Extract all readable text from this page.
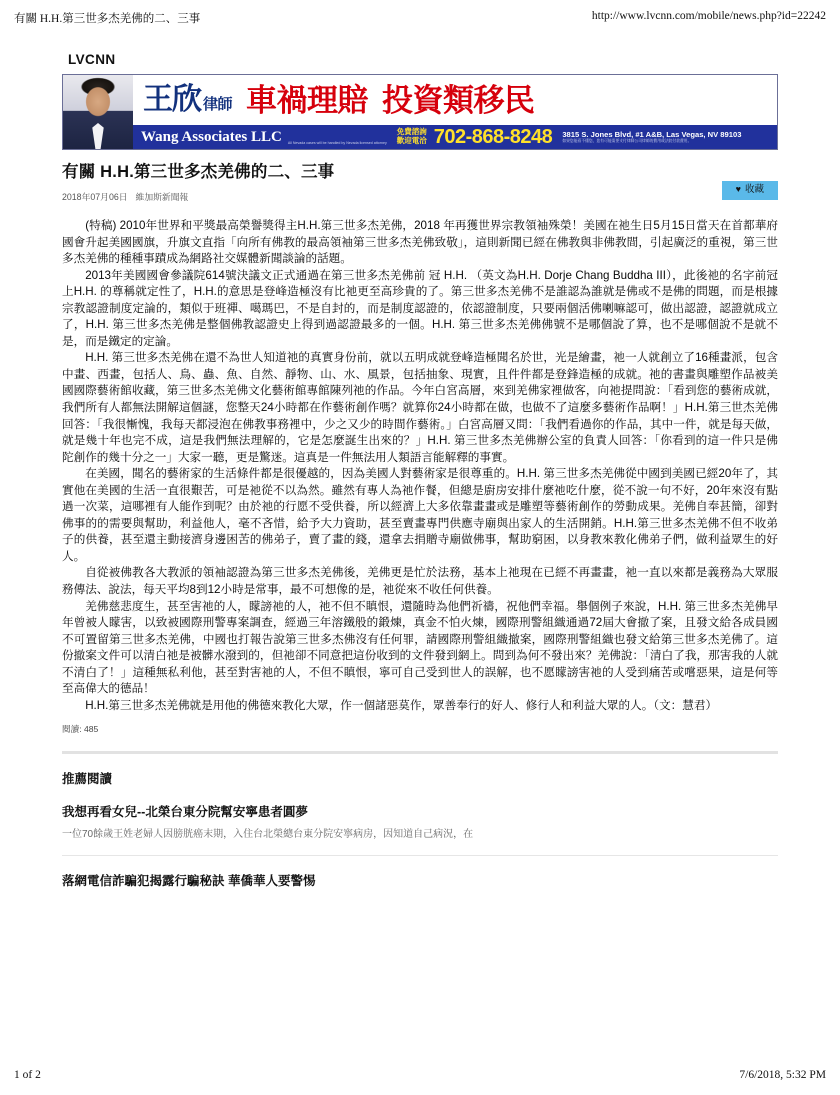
有關 H.H.第三世多杰羌佛的二、三事	http://www.lvcnn.com/mobile/news.php?id=22242
LVCNN
王欣 律師 車禍理賠 投資類移民
Wang Associates LLC All Nevada cases will be handled by Nevada licensed attorney
免費諮詢
歡迎電洽 702-868-8248 3815 S. Jones Blvd, #1 A&B, Las Vegas, NV 89103
如果您能看不懂您，您有可能需要支付律師公司律師的費用或法院付款費用。
有關 H.H.第三世多杰羌佛的二、三事
2018年07月06日 維加斯新聞報
♥ 收藏

(特稿) 2010年世界和平獎最高榮譽獎得主H.H.第三世多杰羌佛，2018 年再獲世界宗教領袖殊榮！美國在祂生日5月15日當天在首都華府國會升起美國國旗，升旗文直指「向所有佛教的最高領袖第三世多杰羌佛致敬」，這則新聞已經在佛教與非佛教間，引起廣泛的重視，第三世多杰羌佛的種種事蹟成為網路社交媒體新聞談論的話題。

2013年美國國會參議院614號決議文正式通過在第三世多杰羌佛前 冠 H.H. （英文為H.H. Dorje Chang Buddha III），此後祂的名字前冠上H.H. 的尊稱就定性了，H.H.的意思是登峰造極沒有比祂更至高珍貴的了。第三世多杰羌佛不是誰認為誰就是佛或不是佛的問題，而是根據宗教認證制度定論的，類似于班禪、噶瑪巴，不是自封的，而是制度認證的，依認證制度，只要兩個活佛喇嘛認可，做出認證，認證就成立了，H.H. 第三世多杰羌佛是整個佛教認證史上得到過認證最多的一個。H.H. 第三世多杰羌佛佛號不是哪個說了算，也不是哪個說不是就不是，而是鐵定的定論。

H.H. 第三世多杰羌佛在還不為世人知道祂的真實身份前，就以五明成就登峰造極聞名於世，光是繪畫，祂一人就創立了16種畫派，包含中畫、西畫，包括人、鳥、蟲、魚、自然、靜物、山、水、風景，包括抽象、現實，且件件都是登鋒造極的成就。祂的書畫與雕塑作品被美國國際藝術館收藏，第三世多杰羌佛文化藝術館專館陳列祂的作品。今年白宮高層，來到羌佛家裡做客，向祂提問說：「看到您的藝術成就，我們所有人都無法開解這個謎，您整天24小時都在作藝術創作嗎？就算你24小時都在做，也做不了這麼多藝術作品啊！」H.H.第三世杰羌佛回答：「我很慚愧，我每天都浸泡在佛教事務裡中，少之又少的時間作藝術。」白宮高層又問：「我們看過你的作品，其中一件，就是每天做，就是幾十年也完不成，這是我們無法理解的，它是怎麼誕生出來的？」H.H. 第三世多杰羌佛辦公室的負責人回答：「你看到的這一件只是佛陀創作的幾十分之一」大家一聽，更是驚迷。這真是一件無法用人類語言能解釋的事實。

在美國，聞名的藝術家的生活條件都是很優越的，因為美國人對藝術家是很尊重的。H.H. 第三世多杰羌佛從中國到美國已經20年了，其實他在美國的生活一直很艱苦，可是祂從不以為然。雖然有專人為祂作餐，但總是廚房安排什麼祂吃什麼，從不說一句不好，20年來沒有點過一次菜，這哪裡有人能作到呢？由於祂的行愿不受供養，所以經濟上大多依靠畫畫或是雕塑等藝術創作的勞動成果。羌佛自奉甚簡，卻對佛事的的需要與幫助，利益他人，毫不吝惜，給予大力資助，甚至賣畫專門供應寺廟與出家人的生活開銷。H.H.第三世多杰羌佛不但不收弟子的供養，甚至還主動接濟身邊困苦的佛弟子，賣了畫的錢，還拿去捐贈寺廟做佛事，幫助窮困，以身教來教化佛弟子們，做利益眾生的好人。

自從被佛教各大教派的領袖認證為第三世多杰羌佛後，羌佛更是忙於法務，基本上祂現在已經不再畫畫，祂一直以來都是義務為大眾服務傳法、說法，每天平均8到12小時是常事，最不可想像的是，祂從來不收任何供養。

羌佛慈悲度生，甚至害祂的人，矇謗祂的人，祂不但不瞋恨，還隨時為他們祈禱，祝他們幸福。舉個例子來說，H.H. 第三世多杰羌佛早年曾被人矇害，以致被國際刑警專案調查，經過三年溶鐵般的鍛煉，真金不怕火煉，國際刑警組織通過72屆大會撤了案，且發文給各成員國不可置留第三世多杰羌佛，中國也打報告說第三世多杰佛沒有任何罪，請國際刑警組織撤案，國際刑警組織也發文給第三世多杰羌佛了。這份撤案文件可以清白祂是被髒水潑到的，但祂卻不同意把這份收到的文件發到網上。問到為何不發出來？羌佛說：「清白了我，那害我的人就不清白了！」這種無私利他，甚至對害祂的人，不但不瞋恨，寧可自己受到世人的誤解，也不愿矇謗害祂的人受到痛苦或嚐惡果，這是何等至高偉大的德品！

H.H.第三世多杰羌佛就是用他的佛德來教化大眾，作一個諸惡莫作，眾善奉行的好人、修行人和利益大眾的人。（文：慧君）

閱讀: 485
推薦閱讀
我想再看女兒--北榮台東分院幫安寧患者圓夢
一位70餘歲王姓老婦人因膀胱癌末期，入住台北榮總台東分院安寧病房，因知道自己病況，在
落網電信詐騙犯揭露行騙秘訣 華僑華人要警惕
1 of 2	7/6/2018, 5:32 PM
